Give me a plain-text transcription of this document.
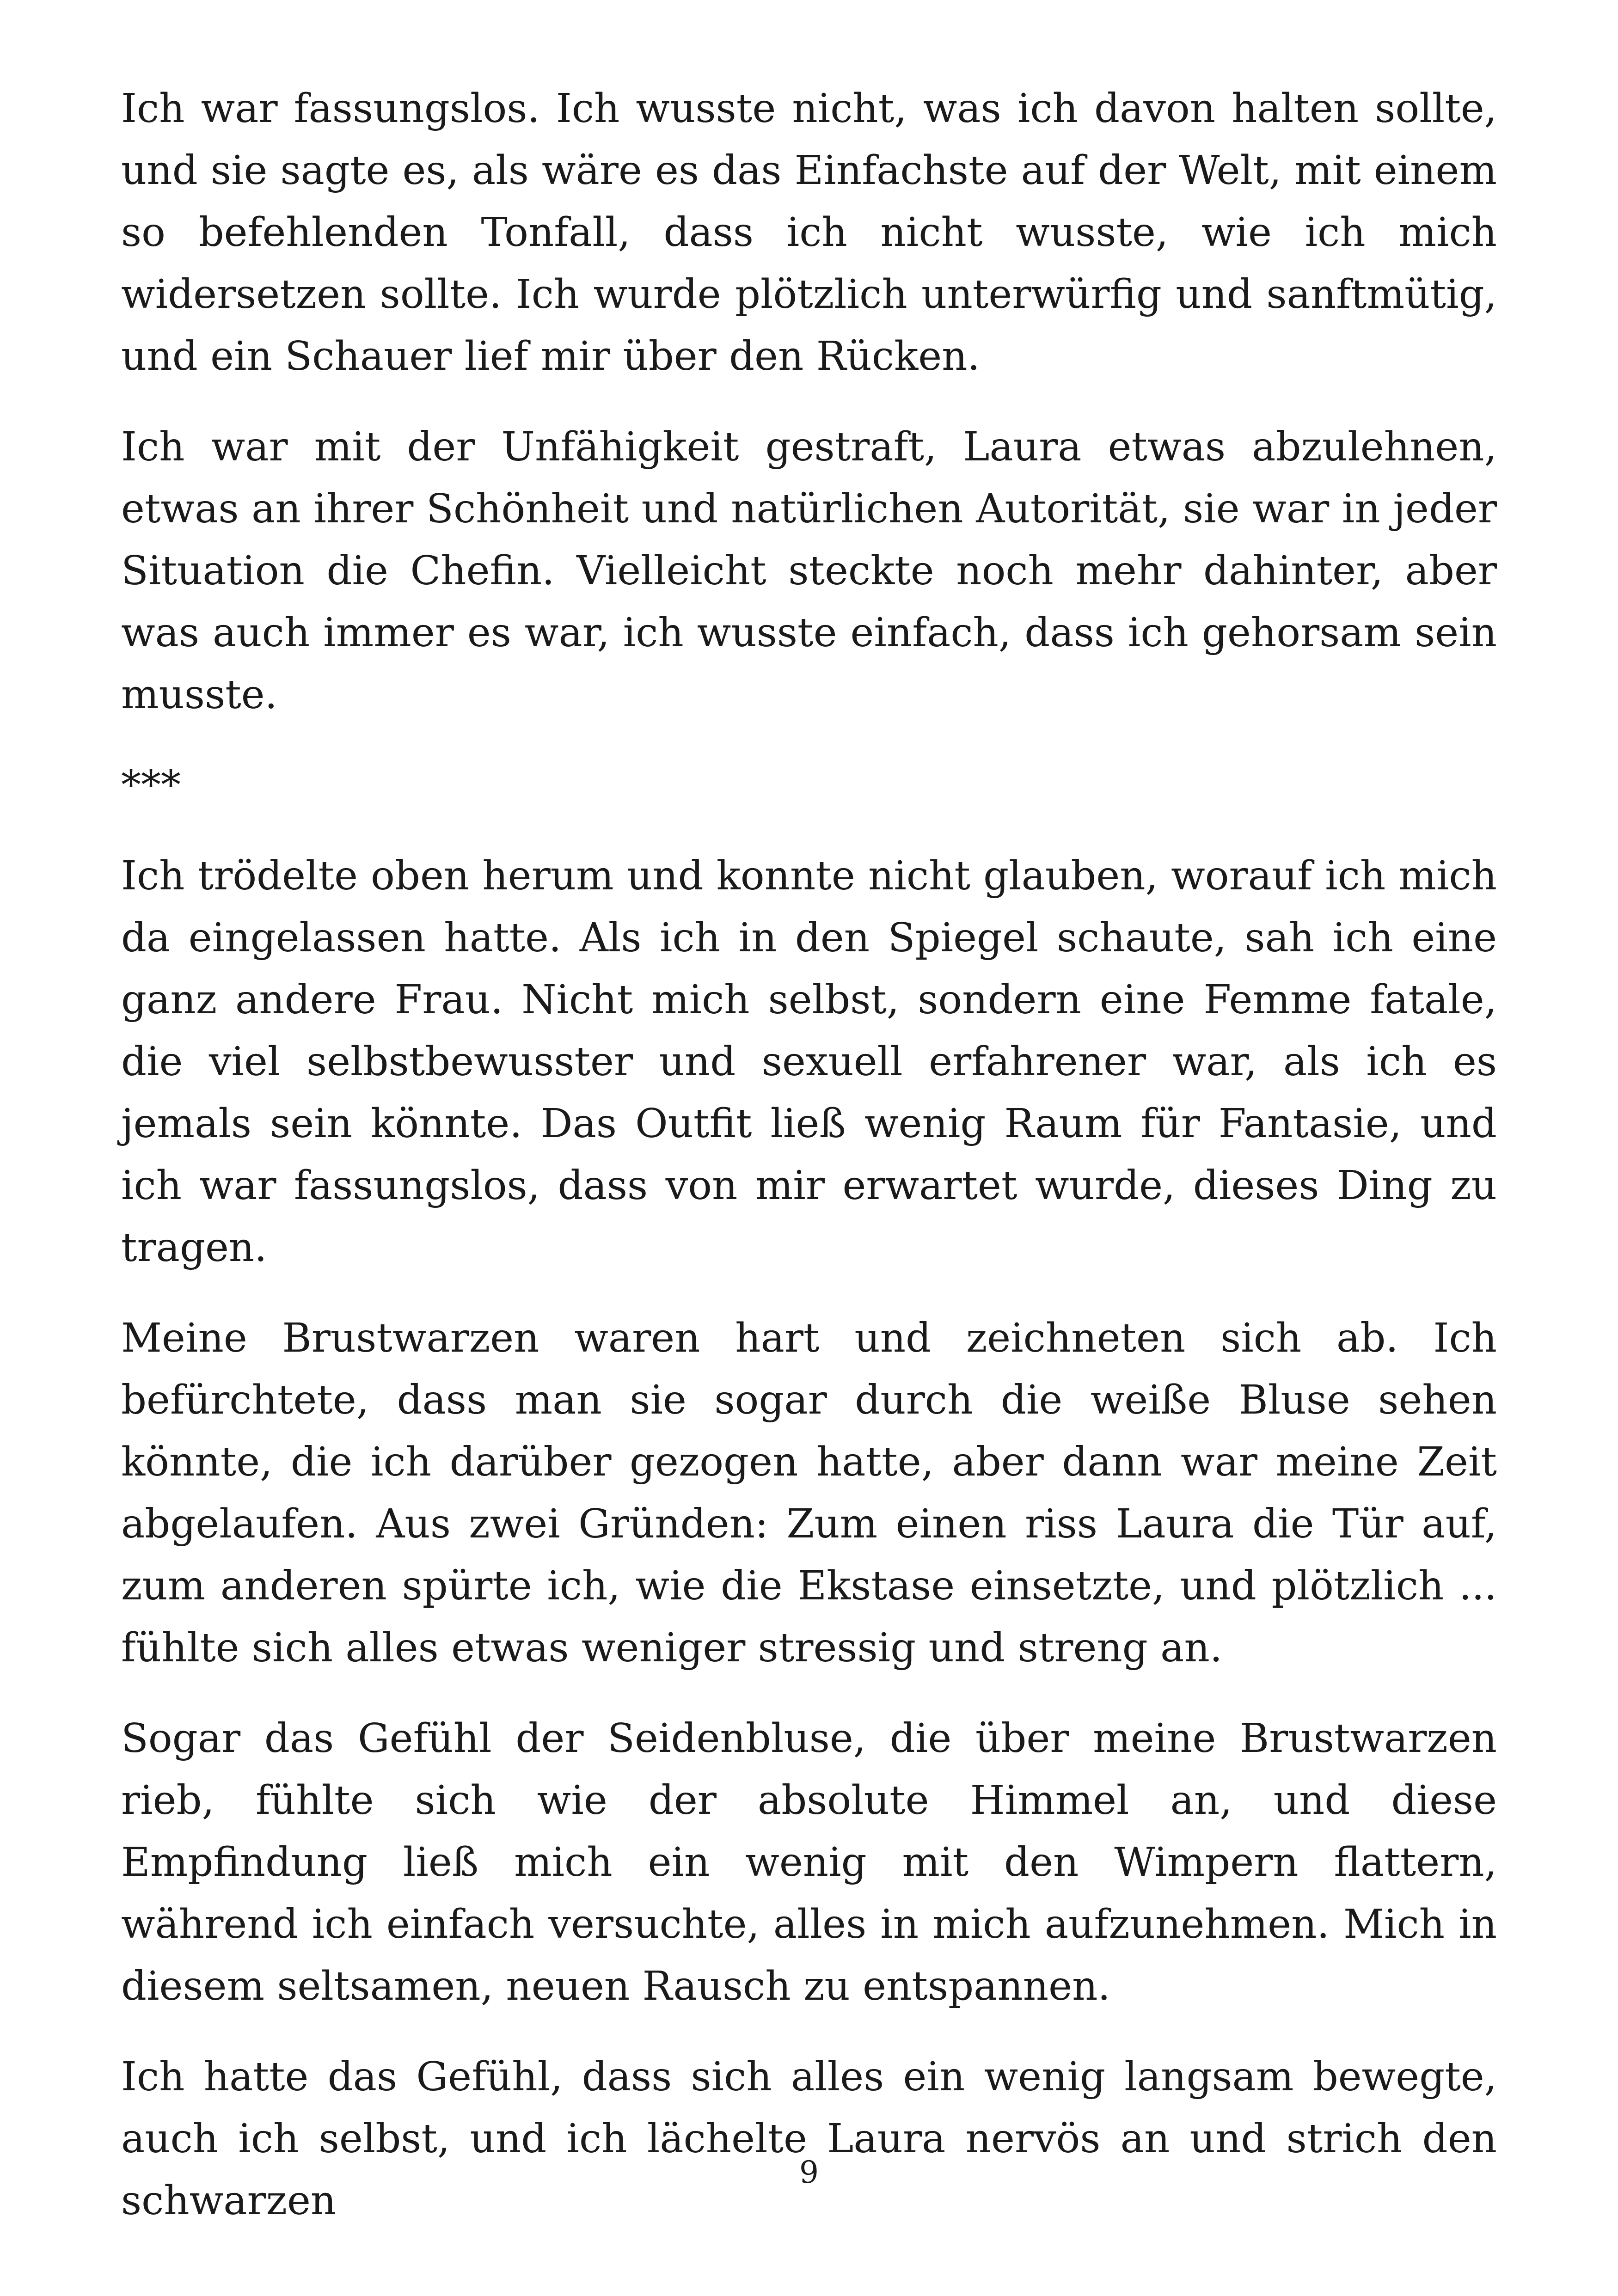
Ich war fassungslos. Ich wusste nicht, was ich davon halten sollte, und sie sagte es, als wäre es das Einfachste auf der Welt, mit einem so befehlenden Tonfall, dass ich nicht wusste, wie ich mich widersetzen sollte. Ich wurde plötzlich unterwürfig und sanftmütig, und ein Schauer lief mir über den Rücken.

Ich war mit der Unfähigkeit gestraft, Laura etwas abzulehnen, etwas an ihrer Schönheit und natürlichen Autorität, sie war in jeder Situation die Chefin. Vielleicht steckte noch mehr dahinter, aber was auch immer es war, ich wusste einfach, dass ich gehorsam sein musste.

***

Ich trödelte oben herum und konnte nicht glauben, worauf ich mich da eingelassen hatte. Als ich in den Spiegel schaute, sah ich eine ganz andere Frau. Nicht mich selbst, sondern eine Femme fatale, die viel selbstbewusster und sexuell erfahrener war, als ich es jemals sein könnte. Das Outfit ließ wenig Raum für Fantasie, und ich war fassungslos, dass von mir erwartet wurde, dieses Ding zu tragen.

Meine Brustwarzen waren hart und zeichneten sich ab. Ich befürchtete, dass man sie sogar durch die weiße Bluse sehen könnte, die ich darüber gezogen hatte, aber dann war meine Zeit abgelaufen. Aus zwei Gründen: Zum einen riss Laura die Tür auf, zum anderen spürte ich, wie die Ekstase einsetzte, und plötzlich ... fühlte sich alles etwas weniger stressig und streng an.

Sogar das Gefühl der Seidenbluse, die über meine Brustwarzen rieb, fühlte sich wie der absolute Himmel an, und diese Empfindung ließ mich ein wenig mit den Wimpern flattern, während ich einfach versuchte, alles in mich aufzunehmen. Mich in diesem seltsamen, neuen Rausch zu entspannen.

Ich hatte das Gefühl, dass sich alles ein wenig langsam bewegte, auch ich selbst, und ich lächelte Laura nervös an und strich den schwarzen

9
